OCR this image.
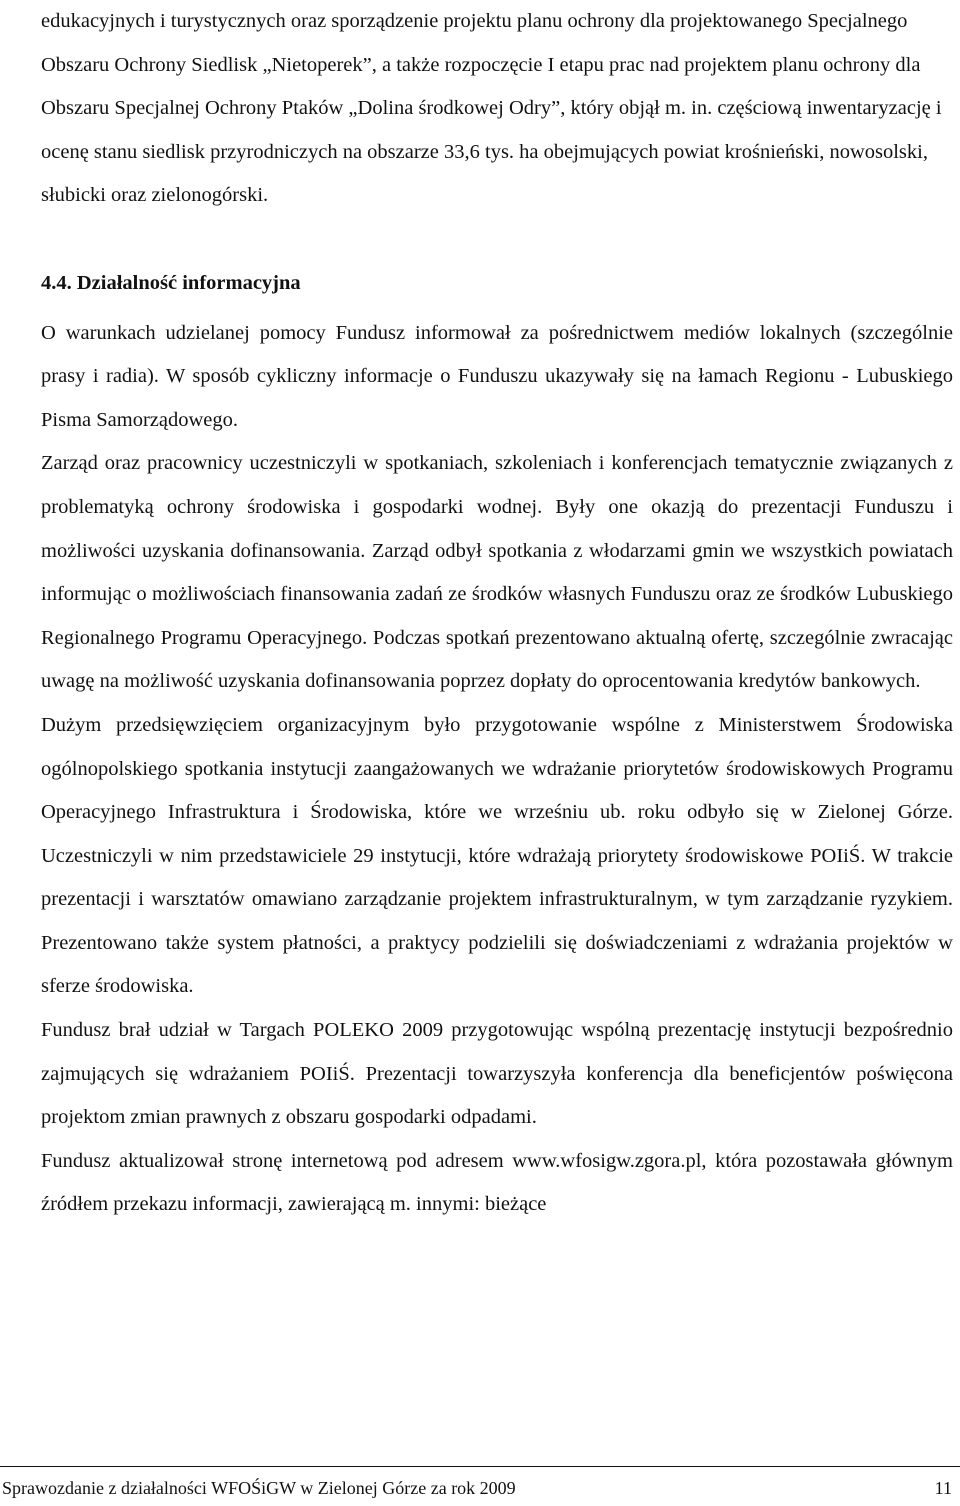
edukacyjnych i turystycznych oraz sporządzenie projektu planu ochrony dla projektowanego Specjalnego Obszaru Ochrony Siedlisk „Nietoperek”, a także rozpoczęcie I etapu prac nad projektem planu ochrony dla Obszaru Specjalnej Ochrony Ptaków „Dolina środkowej Odry”, który objął m. in. częściową inwentaryzację i ocenę stanu siedlisk przyrodniczych na obszarze 33,6 tys. ha obejmujących powiat krośnieński, nowosolski, słubicki oraz zielonogórski.

4.4. Działalność informacyjna

O warunkach udzielanej pomocy Fundusz informował za pośrednictwem mediów lokalnych (szczególnie prasy i radia). W sposób cykliczny informacje o Funduszu ukazywały się na łamach Regionu - Lubuskiego Pisma Samorządowego.

Zarząd oraz pracownicy uczestniczyli w spotkaniach, szkoleniach i konferencjach tematycznie związanych z problematyką ochrony środowiska i gospodarki wodnej. Były one okazją do prezentacji Funduszu i możliwości uzyskania dofinansowania. Zarząd odbył spotkania z włodarzami gmin we wszystkich powiatach informując o możliwościach finansowania zadań ze środków własnych Funduszu oraz ze środków Lubuskiego Regionalnego Programu Operacyjnego. Podczas spotkań prezentowano aktualną ofertę, szczególnie zwracając uwagę na możliwość uzyskania dofinansowania poprzez dopłaty do oprocentowania kredytów bankowych.

Dużym przedsięwzięciem organizacyjnym było przygotowanie wspólne z Ministerstwem Środowiska ogólnopolskiego spotkania instytucji zaangażowanych we wdrażanie priorytetów środowiskowych Programu Operacyjnego Infrastruktura i Środowiska, które we wrześniu ub. roku odbyło się w Zielonej Górze. Uczestniczyli w nim przedstawiciele 29 instytucji, które wdrażają priorytety środowiskowe POIiŚ. W trakcie prezentacji i warsztatów omawiano zarządzanie projektem infrastrukturalnym, w tym zarządzanie ryzykiem. Prezentowano także system płatności, a praktycy podzielili się doświadczeniami z wdrażania projektów w sferze środowiska.

Fundusz brał udział w Targach POLEKO 2009 przygotowując wspólną prezentację instytucji bezpośrednio zajmujących się wdrażaniem POIiŚ. Prezentacji towarzyszyła konferencja dla beneficjentów poświęcona projektom zmian prawnych z obszaru gospodarki odpadami.

Fundusz aktualizował stronę internetową pod adresem www.wfosigw.zgora.pl, która pozostawała głównym źródłem przekazu informacji, zawierającą m. innymi: bieżące

Sprawozdanie z działalności WFOŚiGW w Zielonej Górze za rok 2009	11
